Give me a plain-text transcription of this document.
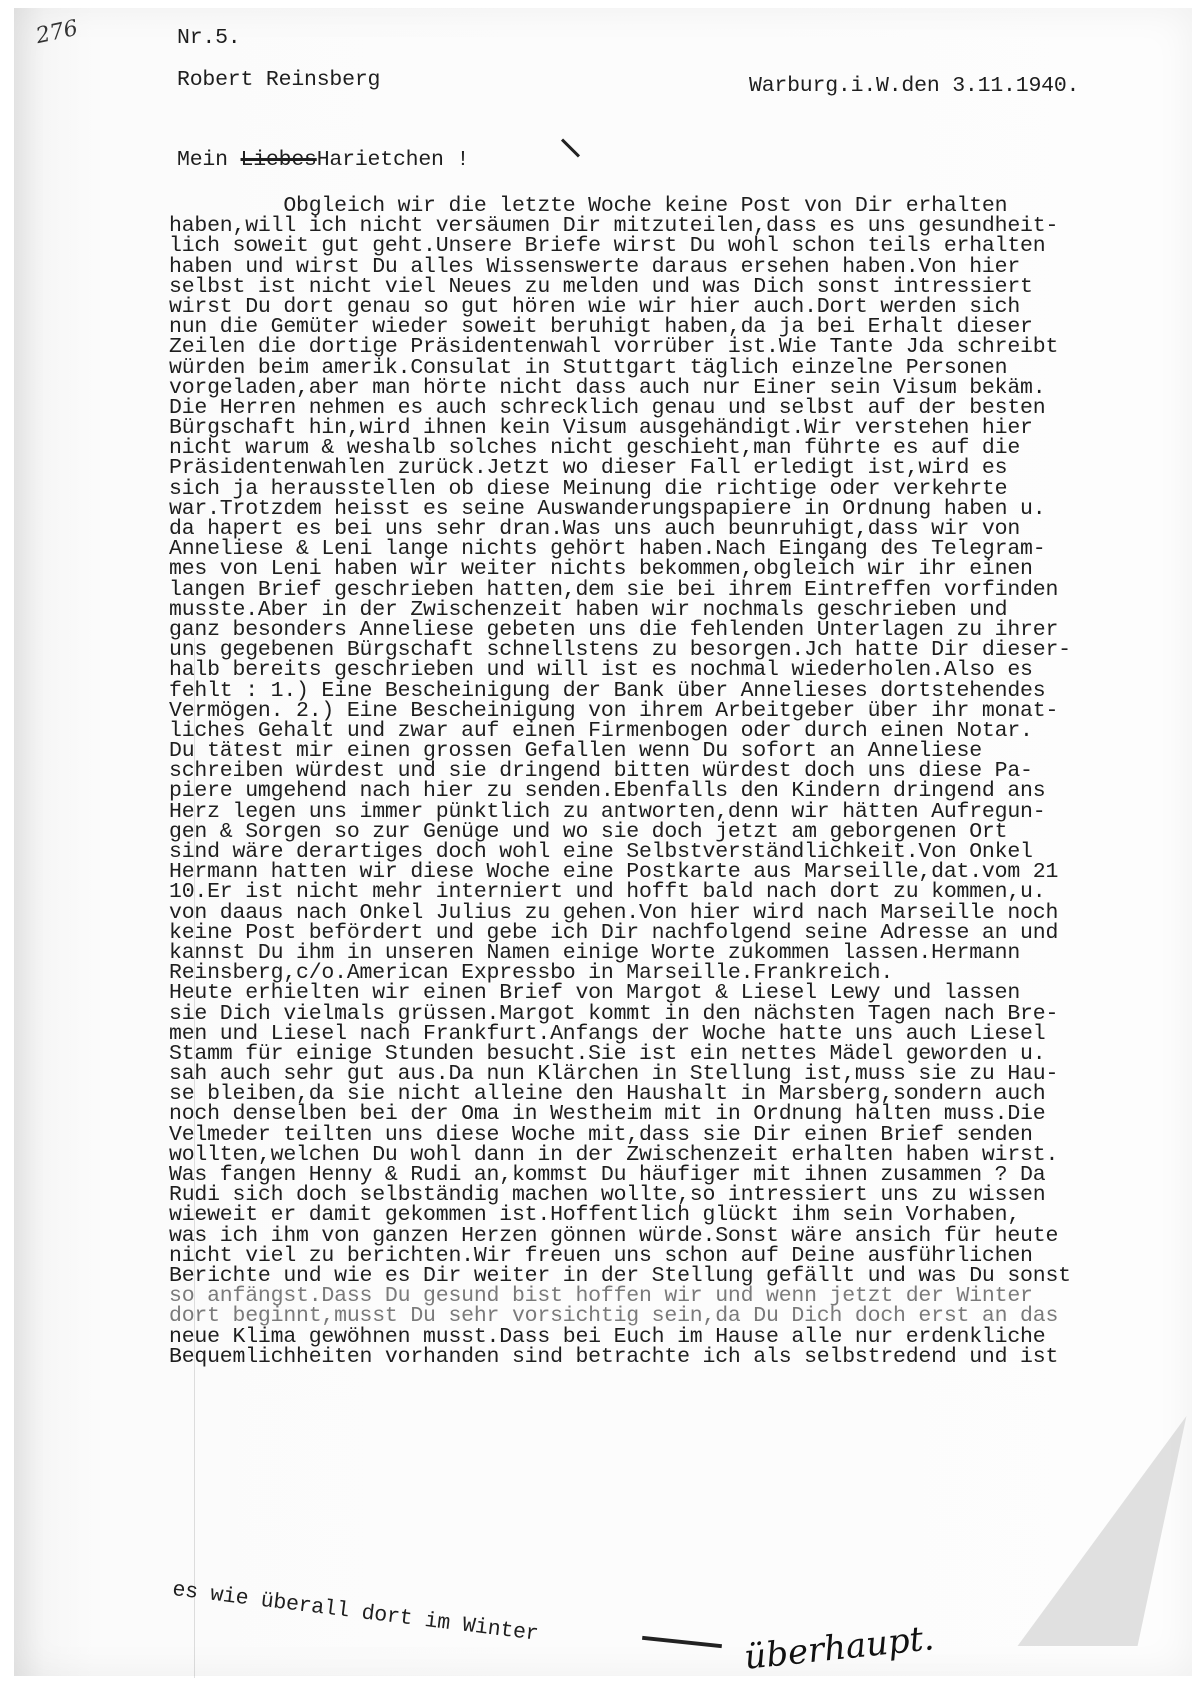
276	Nr.5.
Robert Reinsberg	Warburg.i.W.den 3.11.1940.
Mein LiebesHarietchen !
Obgleich wir die letzte Woche keine Post von Dir erhalten
haben,will ich nicht versäumen Dir mitzuteilen,dass es uns gesundheit-
lich soweit gut geht.Unsere Briefe wirst Du wohl schon teils erhalten
haben und wirst Du alles Wissenswerte daraus ersehen haben.Von hier
selbst ist nicht viel Neues zu melden und was Dich sonst intressiert
wirst Du dort genau so gut hören wie wir hier auch.Dort werden sich
nun die Gemüter wieder soweit beruhigt haben,da ja bei Erhalt dieser
Zeilen die dortige Präsidentenwahl vorrüber ist.Wie Tante Jda schreibt
würden beim amerik.Consulat in Stuttgart täglich einzelne Personen
vorgeladen,aber man hörte nicht dass auch nur Einer sein Visum bekäm.
Die Herren nehmen es auch schrecklich genau und selbst auf der besten
Bürgschaft hin,wird ihnen kein Visum ausgehändigt.Wir verstehen hier
nicht warum & weshalb solches nicht geschieht,man führte es auf die
Präsidentenwahlen zurück.Jetzt wo dieser Fall erledigt ist,wird es
sich ja herausstellen ob diese Meinung die richtige oder verkehrte
war.Trotzdem heisst es seine Auswanderungspapiere in Ordnung haben u.
da hapert es bei uns sehr dran.Was uns auch beunruhigt,dass wir von
Anneliese & Leni lange nichts gehört haben.Nach Eingang des Telegram-
mes von Leni haben wir weiter nichts bekommen,obgleich wir ihr einen
langen Brief geschrieben hatten,dem sie bei ihrem Eintreffen vorfinden
musste.Aber in der Zwischenzeit haben wir nochmals geschrieben und
ganz besonders Anneliese gebeten uns die fehlenden Unterlagen zu ihrer
uns gegebenen Bürgschaft schnellstens zu besorgen.Jch hatte Dir dieser-
halb bereits geschrieben und will ist es nochmal wiederholen.Also es
fehlt : 1.) Eine Bescheinigung der Bank über Annelieses dortstehendes
Vermögen. 2.) Eine Bescheinigung von ihrem Arbeitgeber über ihr monat-
liches Gehalt und zwar auf einen Firmenbogen oder durch einen Notar.
Du tätest mir einen grossen Gefallen wenn Du sofort an Anneliese
schreiben würdest und sie dringend bitten würdest doch uns diese Pa-
piere umgehend nach hier zu senden.Ebenfalls den Kindern dringend ans
Herz legen uns immer pünktlich zu antworten,denn wir hätten Aufregun-
gen & Sorgen so zur Genüge und wo sie doch jetzt am geborgenen Ort
sind wäre derartiges doch wohl eine Selbstverständlichkeit.Von Onkel
Hermann hatten wir diese Woche eine Postkarte aus Marseille,dat.vom 21
10.Er ist nicht mehr interniert und hofft bald nach dort zu kommen,u.
von daaus nach Onkel Julius zu gehen.Von hier wird nach Marseille noch
keine Post befördert und gebe ich Dir nachfolgend seine Adresse an und
kannst Du ihm in unseren Namen einige Worte zukommen lassen.Hermann
Reinsberg,c/o.American Expressbo in Marseille.Frankreich.
Heute erhielten wir einen Brief von Margot & Liesel Lewy und lassen
sie Dich vielmals grüssen.Margot kommt in den nächsten Tagen nach Bre-
men und Liesel nach Frankfurt.Anfangs der Woche hatte uns auch Liesel
Stamm für einige Stunden besucht.Sie ist ein nettes Mädel geworden u.
sah auch sehr gut aus.Da nun Klärchen in Stellung ist,muss sie zu Hau-
se bleiben,da sie nicht alleine den Haushalt in Marsberg,sondern auch
noch denselben bei der Oma in Westheim mit in Ordnung halten muss.Die
Velmeder teilten uns diese Woche mit,dass sie Dir einen Brief senden
wollten,welchen Du wohl dann in der Zwischenzeit erhalten haben wirst.
Was fangen Henny & Rudi an,kommst Du häufiger mit ihnen zusammen ? Da
Rudi sich doch selbständig machen wollte,so intressiert uns zu wissen
wieweit er damit gekommen ist.Hoffentlich glückt ihm sein Vorhaben,
was ich ihm von ganzen Herzen gönnen würde.Sonst wäre ansich für heute
nicht viel zu berichten.Wir freuen uns schon auf Deine ausführlichen
Berichte und wie es Dir weiter in der Stellung gefällt und was Du sonst
so anfängst.Dass Du gesund bist hoffen wir und wenn jetzt der Winter
dort beginnt,musst Du sehr vorsichtig sein,da Du Dich doch erst an das
neue Klima gewöhnen musst.Dass bei Euch im Hause alle nur erdenkliche
Bequemlichheiten vorhanden sind betrachte ich als selbstredend und ist
es wie überall dort im Winter
überhaupt.
